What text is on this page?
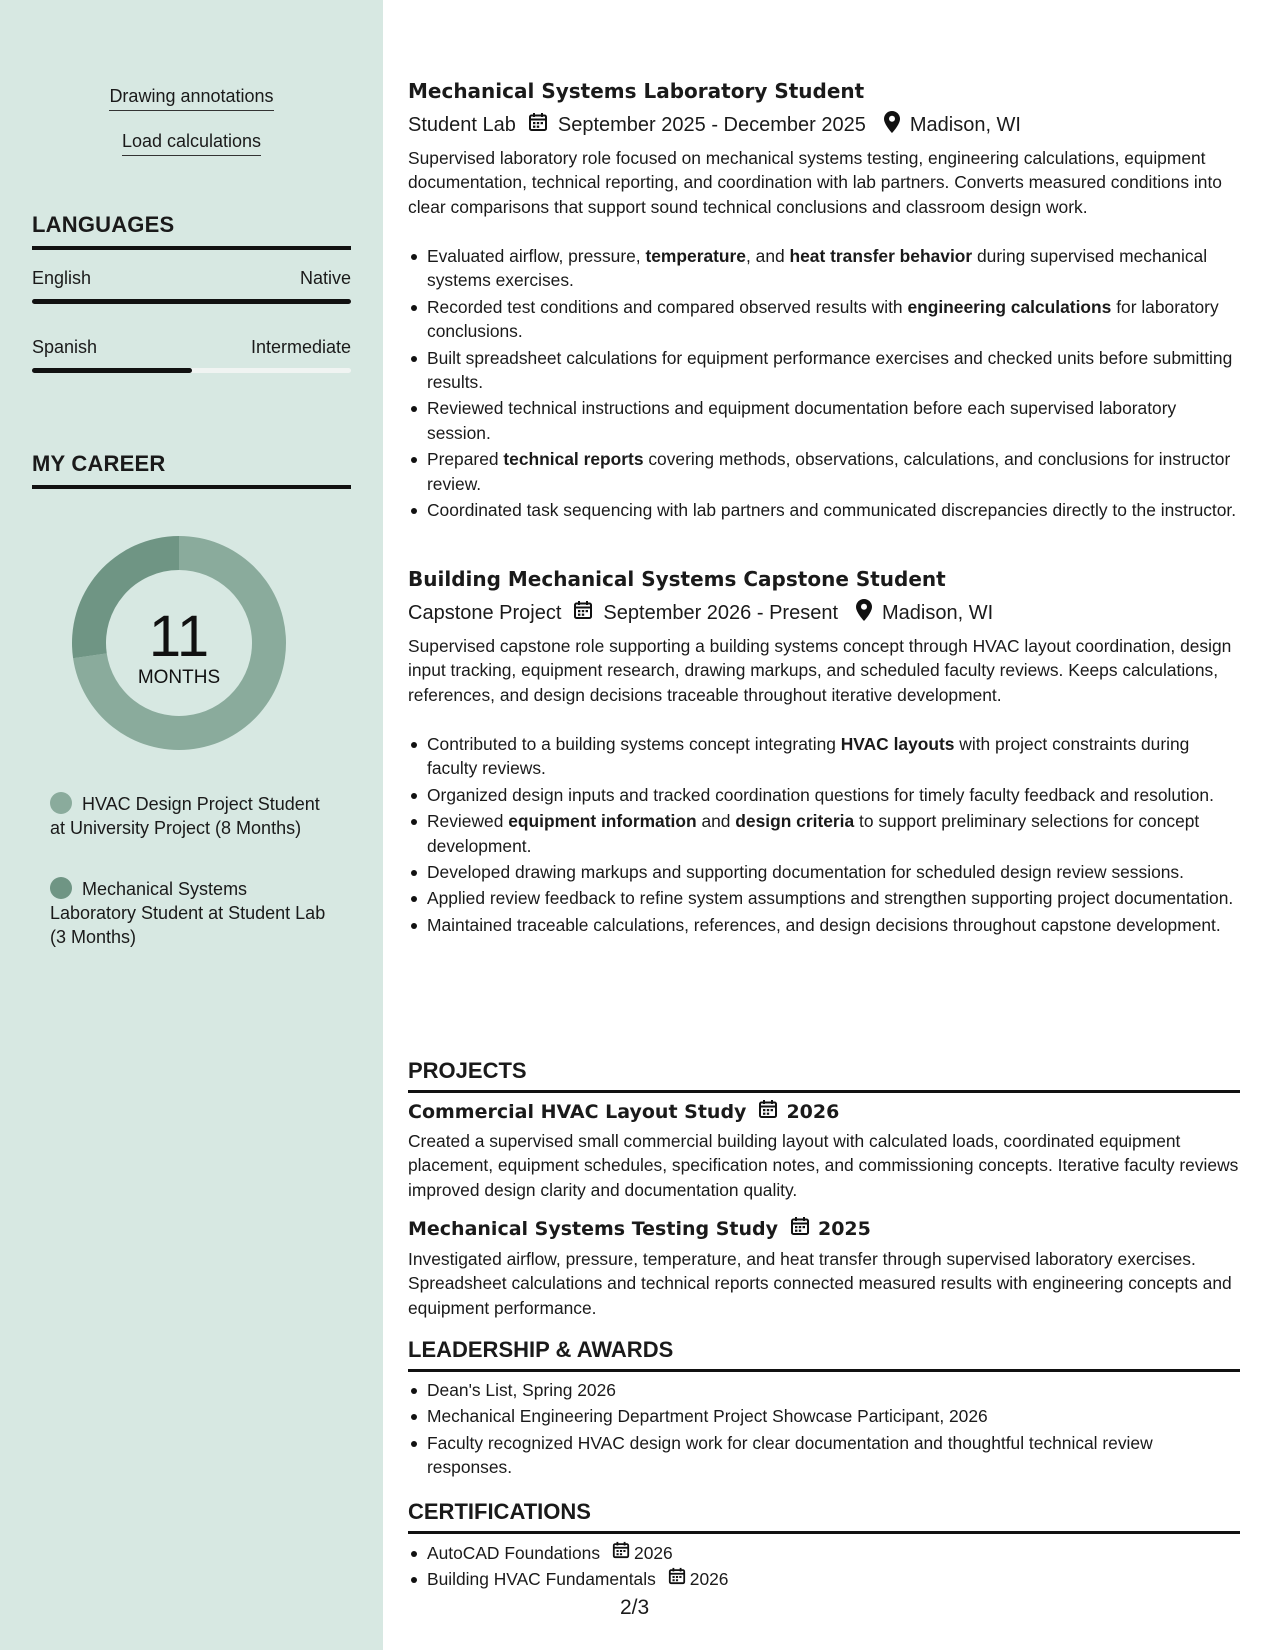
Drawing annotations
Load calculations
LANGUAGES
English	Native
Spanish	Intermediate
MY CAREER
11
MONTHS
HVAC Design Project Student at University Project (8 Months)
Mechanical Systems Laboratory Student at Student Lab (3 Months)
Mechanical Systems Laboratory Student
Student Lab September 2025 - December 2025 Madison, WI
Supervised laboratory role focused on mechanical systems testing, engineering calculations, equipment documentation, technical reporting, and coordination with lab partners. Converts measured conditions into clear comparisons that support sound technical conclusions and classroom design work.
Evaluated airflow, pressure, temperature, and heat transfer behavior during supervised mechanical systems exercises.
Recorded test conditions and compared observed results with engineering calculations for laboratory conclusions.
Built spreadsheet calculations for equipment performance exercises and checked units before submitting results.
Reviewed technical instructions and equipment documentation before each supervised laboratory session.
Prepared technical reports covering methods, observations, calculations, and conclusions for instructor review.
Coordinated task sequencing with lab partners and communicated discrepancies directly to the instructor.
Building Mechanical Systems Capstone Student
Capstone Project September 2026 - Present Madison, WI
Supervised capstone role supporting a building systems concept through HVAC layout coordination, design input tracking, equipment research, drawing markups, and scheduled faculty reviews. Keeps calculations, references, and design decisions traceable throughout iterative development.
Contributed to a building systems concept integrating HVAC layouts with project constraints during faculty reviews.
Organized design inputs and tracked coordination questions for timely faculty feedback and resolution.
Reviewed equipment information and design criteria to support preliminary selections for concept development.
Developed drawing markups and supporting documentation for scheduled design review sessions.
Applied review feedback to refine system assumptions and strengthen supporting project documentation.
Maintained traceable calculations, references, and design decisions throughout capstone development.
PROJECTS
Commercial HVAC Layout Study 2026
Created a supervised small commercial building layout with calculated loads, coordinated equipment placement, equipment schedules, specification notes, and commissioning concepts. Iterative faculty reviews improved design clarity and documentation quality.
Mechanical Systems Testing Study 2025
Investigated airflow, pressure, temperature, and heat transfer through supervised laboratory exercises. Spreadsheet calculations and technical reports connected measured results with engineering concepts and equipment performance.
LEADERSHIP & AWARDS
Dean's List, Spring 2026
Mechanical Engineering Department Project Showcase Participant, 2026
Faculty recognized HVAC design work for clear documentation and thoughtful technical review responses.
CERTIFICATIONS
AutoCAD Foundations 2026
Building HVAC Fundamentals 2026
2/3
